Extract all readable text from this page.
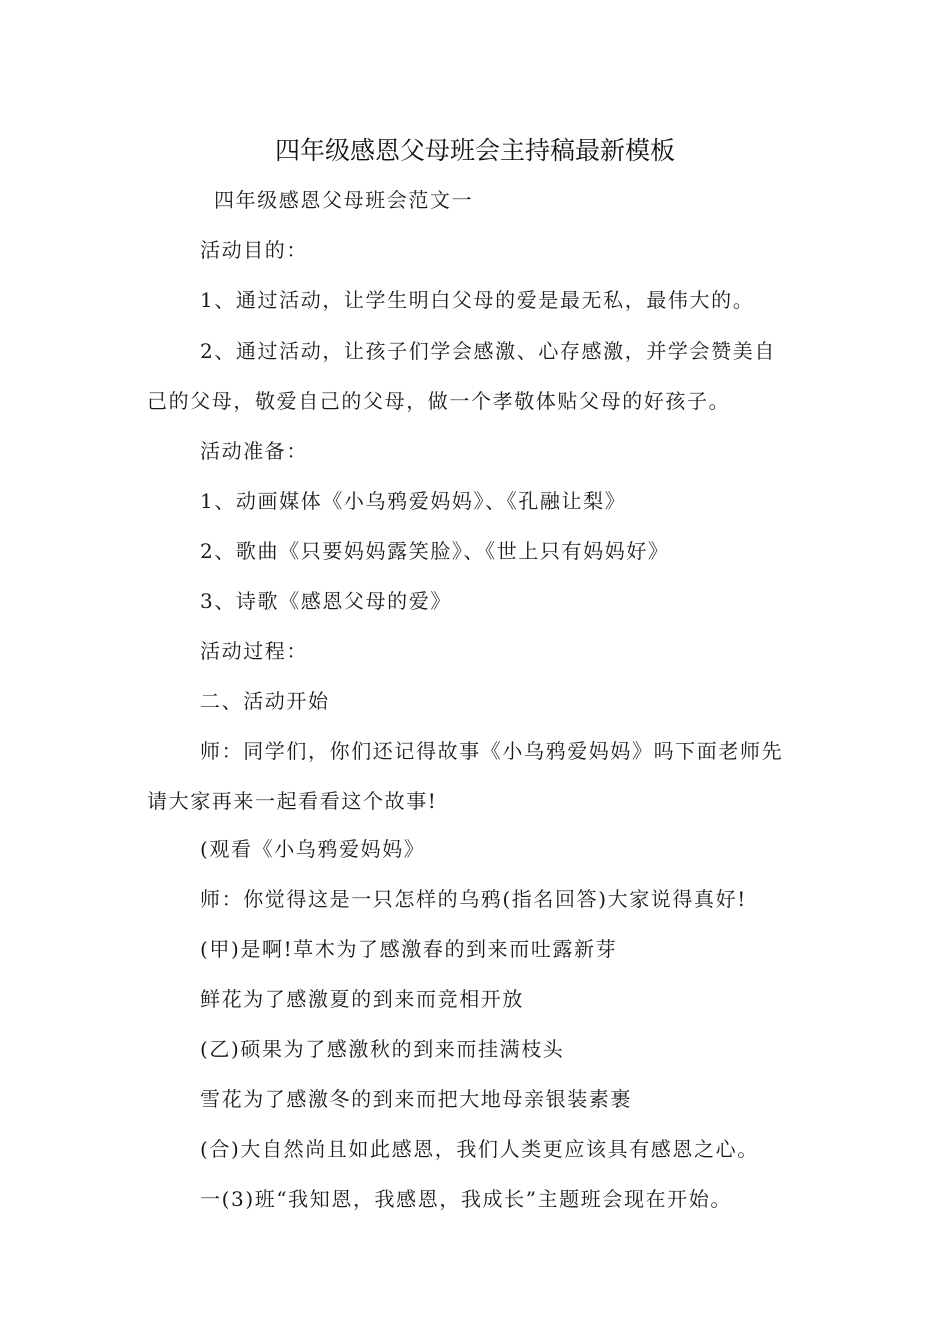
四年级感恩父母班会主持稿最新模板
四年级感恩父母班会范文一
活动目的：
1、通过活动，让学生明白父母的爱是最无私，最伟大的。
2、通过活动，让孩子们学会感激、心存感激，并学会赞美自
己的父母，敬爱自己的父母，做一个孝敬体贴父母的好孩子。
活动准备：
1、动画媒体《小乌鸦爱妈妈》、《孔融让梨》
2、歌曲《只要妈妈露笑脸》、《世上只有妈妈好》
3、诗歌《感恩父母的爱》
活动过程：
二、活动开始
师：同学们，你们还记得故事《小乌鸦爱妈妈》吗下面老师先
请大家再来一起看看这个故事!
(观看《小乌鸦爱妈妈》
师：你觉得这是一只怎样的乌鸦(指名回答)大家说得真好!
(甲)是啊!草木为了感激春的到来而吐露新芽
鲜花为了感激夏的到来而竞相开放
(乙)硕果为了感激秋的到来而挂满枝头
雪花为了感激冬的到来而把大地母亲银装素裹
(合)大自然尚且如此感恩，我们人类更应该具有感恩之心。
一(3)班“我知恩，我感恩，我成长”主题班会现在开始。
